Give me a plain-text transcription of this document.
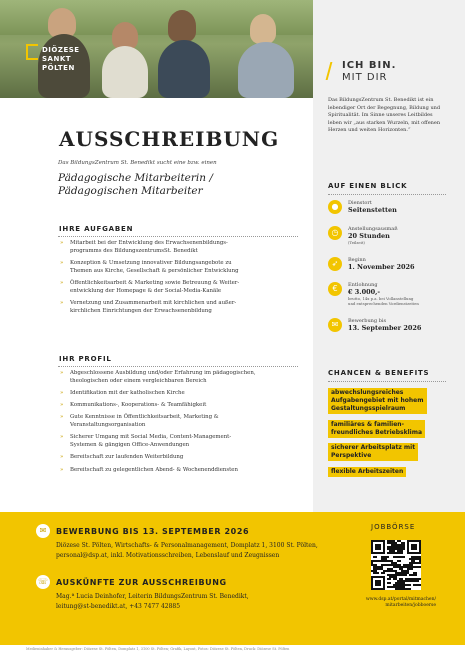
DIÖZESE
SANKT
PÖLTEN	ICH BIN.
MIT DIR
Das BildungsZentrum St. Benedikt ist ein lebendiger Ort der Begegnung, Bildung und Spiritualität. Im Sinne unseres Leitbildes leben wir „aus starken Wurzeln, mit offenen Herzen und weiten Horizonten.“
AUF EINEN BLICK
●	Dienstort
Seitenstetten
◷	Anstellungsausmaß
20 Stunden
(Teilzeit)
➶	Beginn
1. November 2026
€	Entlohnung
€ 3.000,-
brutto, 14x p.a. bei Vollanstellung
und entsprechenden Vordienstzeiten
✉	Bewerbung bis
13. September 2026
CHANCEN & BENEFITS
abwechslungsreiches
Aufgabengebiet mit hohem
Gestaltungsspielraum
familiäres & familien-
freundliches Betriebsklima
sicherer Arbeitsplatz mit
Perspektive
flexible Arbeitszeiten
AUSSCHREIBUNG
Das BildungsZentrum St. Benedikt sucht eine bzw. einen
Pädagogische Mitarbeiterin /
Pädagogischen Mitarbeiter
IHRE AUFGABEN
» Mitarbeit bei der Entwicklung des Erwachsenenbildungs-
programms des BildungszentrumsSt. Benedikt
» Konzeption & Umsetzung innovativer Bildungsangebote zu
Themen aus Kirche, Gesellschaft & persönlicher Entwicklung
» Öffentlichkeitsarbeit & Marketing sowie Betreuung & Weiter-
entwicklung der Homepage & der Social-Media-Kanäle
» Vernetzung und Zusammenarbeit mit kirchlichen und außer-
kirchlichen Einrichtungen der Erwachsenenbildung
IHR PROFIL
» Abgeschlossene Ausbildung und/oder Erfahrung im pädagogischen,
theologischen oder einem vergleichbaren Bereich
» Identifikation mit der katholischen Kirche
» Kommunikations-, Kooperations- & Teamfähigkeit
» Gute Kenntnisse in Öffentlichkeitsarbeit, Marketing &
Veranstaltungsorganisation
» Sicherer Umgang mit Social Media, Content-Management-
Systemen & gängigen Office-Anwendungen
» Bereitschaft zur laufenden Weiterbildung
» Bereitschaft zu gelegentlichen Abend- & Wochenenddiensten
✉	BEWERBUNG BIS 13. SEPTEMBER 2026
Diözese St. Pölten, Wirtschafts- & Personalmanagement, Domplatz 1, 3100 St. Pölten,
personal@dsp.at, inkl. Motivationsschreiben, Lebenslauf und Zeugnissen
☏ AUSKÜNFTE ZUR AUSSCHREIBUNG
Mag.ª Lucia Deinhofer, Leiterin BildungsZentrum St. Benedikt,
leitung@st-benedikt.at, +43 7477 42885
JOBBÖRSE
www.dsp.at/portal/mitmachen/
mitarbeiten/jobboerse
Medieninhaber & Herausgeber: Diözese St. Pölten, Domplatz 1, 3100 St. Pölten; Grafik, Layout, Fotos: Diözese St. Pölten, Druck: Diözese St. Pölten
